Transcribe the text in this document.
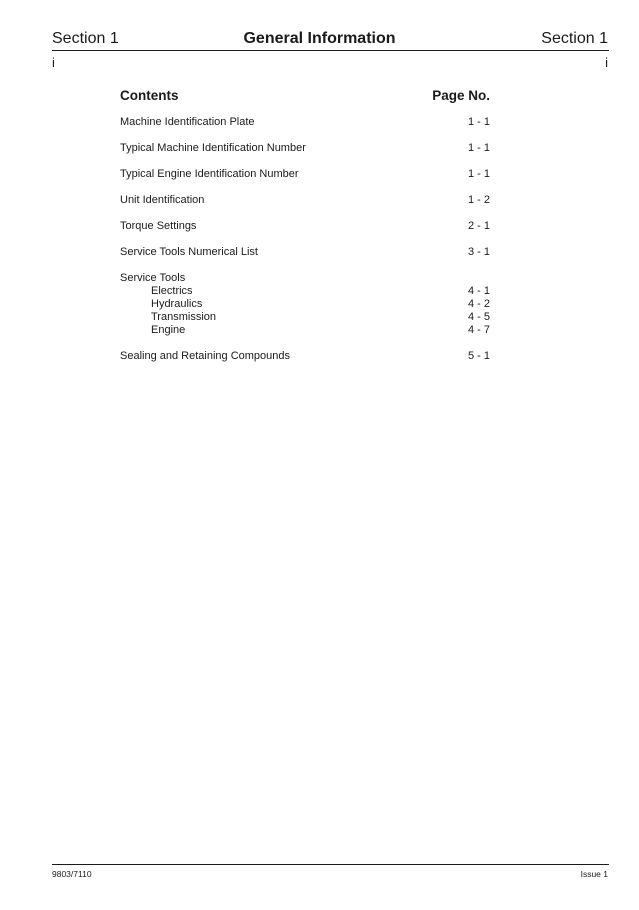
Section 1	General Information	Section 1
i	i
Contents	Page No.
Machine Identification Plate	1 - 1
Typical Machine Identification Number	1 - 1
Typical Engine Identification Number	1 - 1
Unit Identification	1 - 2
Torque Settings	2 - 1
Service Tools Numerical List	3 - 1
Service Tools
Electrics	4 - 1
Hydraulics	4 - 2
Transmission	4 - 5
Engine	4 - 7
Sealing and Retaining Compounds	5 - 1
9803/7110	Issue 1
